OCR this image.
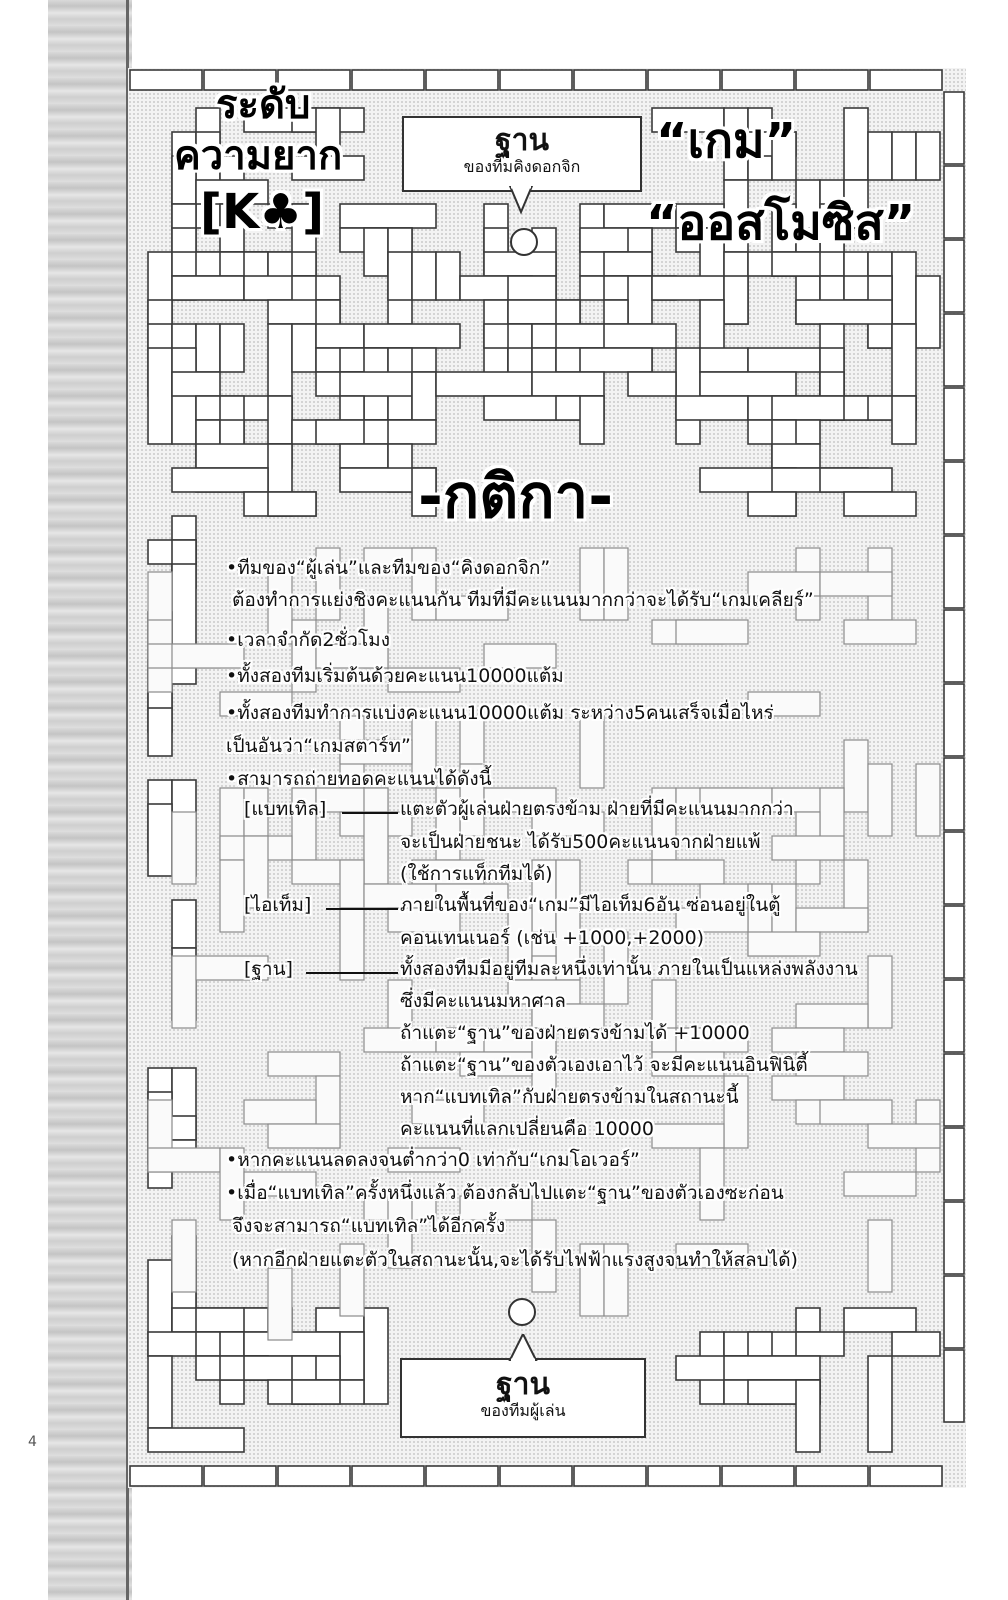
ฐาน
ของทีมคิงดอกจิก
ฐาน
ของทีมผู้เล่น
ระดับ
ความยาก
[K♣]
“เกม”
“ออสโมซิส”
-กติกา-
•ทีมของ“ผู้เล่น”และทีมของ“คิงดอกจิก”
ต้องทำการแย่งชิงคะแนนกัน ทีมที่มีคะแนนมากกว่าจะได้รับ“เกมเคลียร์”
•เวลาจำกัด2ชั่วโมง
•ทั้งสองทีมเริ่มต้นด้วยคะแนน10000แต้ม
•ทั้งสองทีมทำการแบ่งคะแนน10000แต้ม ระหว่าง5คนเสร็จเมื่อไหร่
เป็นอันว่า“เกมสตาร์ท”
•สามารถถ่ายทอดคะแนนได้ดังนี้
[แบทเทิล]	แตะตัวผู้เล่นฝ่ายตรงข้าม ฝ่ายที่มีคะแนนมากกว่า
จะเป็นฝ่ายชนะ ได้รับ500คะแนนจากฝ่ายแพ้
(ใช้การแท็กทีมได้)
[ไอเท็ม]	ภายในพื้นที่ของ“เกม”มีไอเท็ม6อัน ซ่อนอยู่ในตู้
คอนเทนเนอร์ (เช่น +1000,+2000)
[ฐาน]	ทั้งสองทีมมีอยู่ทีมละหนึ่งเท่านั้น ภายในเป็นแหล่งพลังงาน
ซึ่งมีคะแนนมหาศาล
ถ้าแตะ“ฐาน”ของฝ่ายตรงข้ามได้ +10000
ถ้าแตะ“ฐาน”ของตัวเองเอาไว้ จะมีคะแนนอินฟินิตี้
หาก“แบทเทิล”กับฝ่ายตรงข้ามในสถานะนี้
คะแนนที่แลกเปลี่ยนคือ 10000
•หากคะแนนลดลงจนต่ำกว่า0 เท่ากับ“เกมโอเวอร์”
•เมื่อ“แบทเทิล”ครั้งหนึ่งแล้ว ต้องกลับไปแตะ“ฐาน”ของตัวเองซะก่อน
จึงจะสามารถ“แบทเทิล”ได้อีกครั้ง
(หากอีกฝ่ายแตะตัวในสถานะนั้น,จะได้รับไฟฟ้าแรงสูงจนทำให้สลบได้)
4
